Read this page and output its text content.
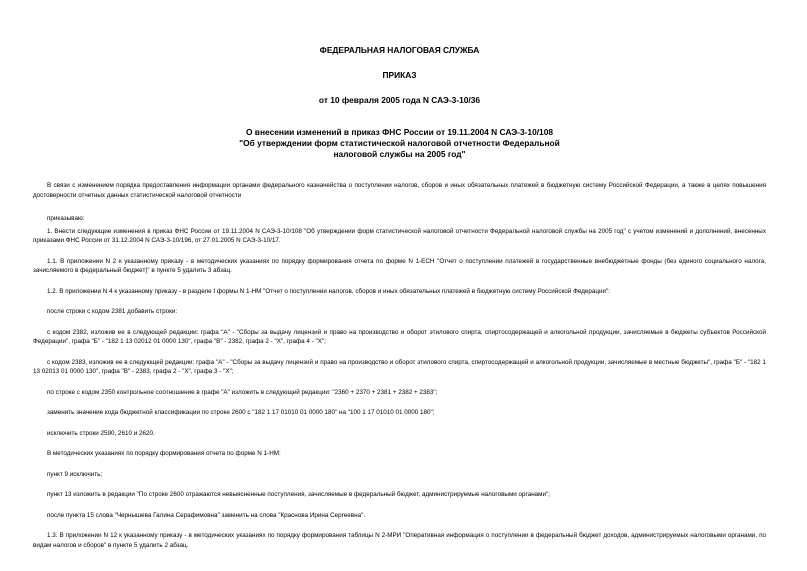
ФЕДЕРАЛЬНАЯ НАЛОГОВАЯ СЛУЖБА
ПРИКАЗ
от 10 февраля 2005 года N САЭ-3-10/36
О внесении изменений в приказ ФНС России от 19.11.2004 N САЭ-3-10/108
"Об утверждении форм статистической налоговой отчетности Федеральной
налоговой службы на 2005 год"

В связи с изменением порядка предоставления информации органами федерального казначейства о поступлении налогов, сборов и иных обязательных платежей в бюджетную систему Российской Федерации, а также в целях повышения достоверности отчетных данных статистической налоговой отчетности

приказываю:

1. Внести следующие изменения в приказ ФНС России от 19.11.2004 N САЭ-3-10/108 "Об утверждении форм статистической налоговой отчетности Федеральной налоговой службы на 2005 год" с учетом изменений и дополнений, внесенных приказами ФНС России от 31.12.2004 N САЭ-3-10/196, от 27.01.2005 N САЭ-3-10/17.

1.1. В приложении N 2 к указанному приказу - в методических указаниях по порядку формирования отчета по форме N 1-ЕСН "Отчет о поступлении платежей в государственные внебюджетные фонды (без единого социального налога, зачисляемого в федеральный бюджет)" в пункте 5 удалить 3 абзац.

1.2. В приложении N 4 к указанному приказу - в разделе I формы N 1-НМ "Отчет о поступлении налогов, сборов и иных обязательных платежей в бюджетную систему Российской Федерации":

после строки с кодом 2381 добавить строки:

с кодом 2382, изложив ее в следующей редакции: графа "А" - "Сборы за выдачу лицензий и право на производство и оборот этилового спирта, спиртосодержащей и алкогольной продукции, зачисляемые в бюджеты субъектов Российской Федерации", графа "Б" - "182 1 13 02012 01 0000 130", графа "В" - 2382, графа 2 - "Х", графа 4 - "Х";

с кодом 2383, изложив ее в следующей редакции: графа "А" - "Сборы за выдачу лицензий и право на производство и оборот этилового спирта, спиртосодержащей и алкогольной продукции, зачисляемые в местные бюджеты", графа "Б" - "182 1 13 02013 01 0000 130", графа "В" - 2383, графа 2 - "Х", графа 3 - "Х";

по строке с кодом 2350 контрольное соотношение в графе "А" изложить в следующей редакции: "2360 + 2370 + 2381 + 2382 + 2383";

заменить значение кода бюджетной классификации по строке 2600 с "182 1 17 01010 01 0000 180" на "100 1 17 01010 01 0000 180";

исключить строки 2590, 2610 и 2620.

В методических указаниях по порядку формирования отчета по форме N 1-НМ:

пункт 9 исключить;

пункт 13 изложить в редакции "По строке 2600 отражаются невыясненные поступления, зачисляемые в федеральный бюджет, администрируемые налоговыми органами";

после пункта 15 слова "Чернышева Галина Серафимовна" заменить на слова "Краснова Ирина Сергеевна".

1.3. В приложении N 12 к указанному приказу - в методических указаниях по порядку формирования таблицы N 2-МРИ "Оперативная информация о поступлении в федеральный бюджет доходов, администрируемых налоговыми органами, по видам налогов и сборов" в пункте 5 удалить 2 абзац.
